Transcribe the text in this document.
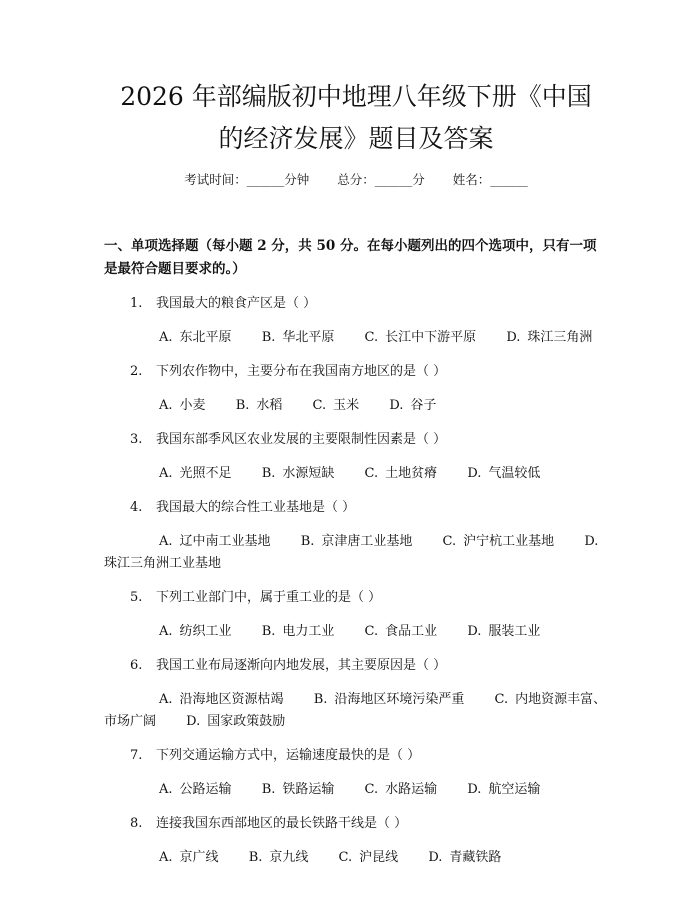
2026 年部编版初中地理八年级下册《中国的经济发展》题目及答案
考试时间：______分钟 总分：______分 姓名：______
一、单项选择题（每小题 2 分，共 50 分。在每小题列出的四个选项中，只有一项是最符合题目要求的。）
1. 我国最大的粮食产区是（ ）
A. 东北平原 B. 华北平原 C. 长江中下游平原 D. 珠江三角洲
2. 下列农作物中，主要分布在我国南方地区的是（ ）
A. 小麦 B. 水稻 C. 玉米 D. 谷子
3. 我国东部季风区农业发展的主要限制性因素是（ ）
A. 光照不足 B. 水源短缺 C. 土地贫瘠 D. 气温较低
4. 我国最大的综合性工业基地是（ ）
A. 辽中南工业基地 B. 京津唐工业基地 C. 沪宁杭工业基地 D.珠江三角洲工业基地
5. 下列工业部门中，属于重工业的是（ ）
A. 纺织工业 B. 电力工业 C. 食品工业 D. 服装工业
6. 我国工业布局逐渐向内地发展，其主要原因是（ ）
A. 沿海地区资源枯竭 B. 沿海地区环境污染严重 C. 内地资源丰富、市场广阔 D. 国家政策鼓励
7. 下列交通运输方式中，运输速度最快的是（ ）
A. 公路运输 B. 铁路运输 C. 水路运输 D. 航空运输
8. 连接我国东西部地区的最长铁路干线是（ ）
A. 京广线 B. 京九线 C. 沪昆线 D. 青藏铁路
